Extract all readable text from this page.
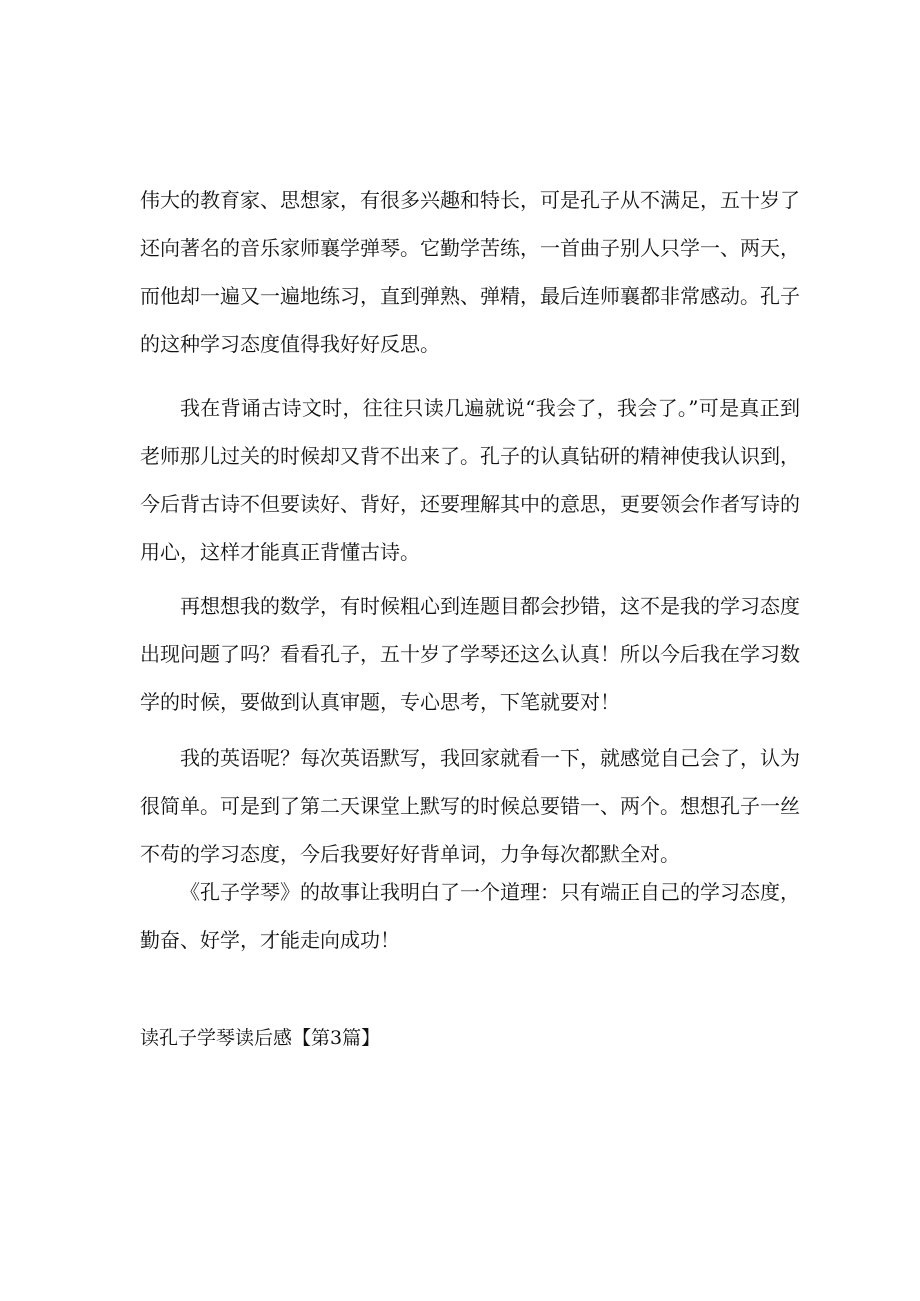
伟大的教育家、思想家，有很多兴趣和特长，可是孔子从不满足，五十岁了还向著名的音乐家师襄学弹琴。它勤学苦练，一首曲子别人只学一、两天，而他却一遍又一遍地练习，直到弹熟、弹精，最后连师襄都非常感动。孔子的这种学习态度值得我好好反思。

我在背诵古诗文时，往往只读几遍就说“我会了，我会了。”可是真正到老师那儿过关的时候却又背不出来了。孔子的认真钻研的精神使我认识到，今后背古诗不但要读好、背好，还要理解其中的意思，更要领会作者写诗的用心，这样才能真正背懂古诗。

再想想我的数学，有时候粗心到连题目都会抄错，这不是我的学习态度出现问题了吗？看看孔子，五十岁了学琴还这么认真！所以今后我在学习数学的时候，要做到认真审题，专心思考，下笔就要对！

我的英语呢？每次英语默写，我回家就看一下，就感觉自己会了，认为很简单。可是到了第二天课堂上默写的时候总要错一、两个。想想孔子一丝不苟的学习态度，今后我要好好背单词，力争每次都默全对。

《孔子学琴》的故事让我明白了一个道理：只有端正自己的学习态度，勤奋、好学，才能走向成功！

读孔子学琴读后感【第3篇】
